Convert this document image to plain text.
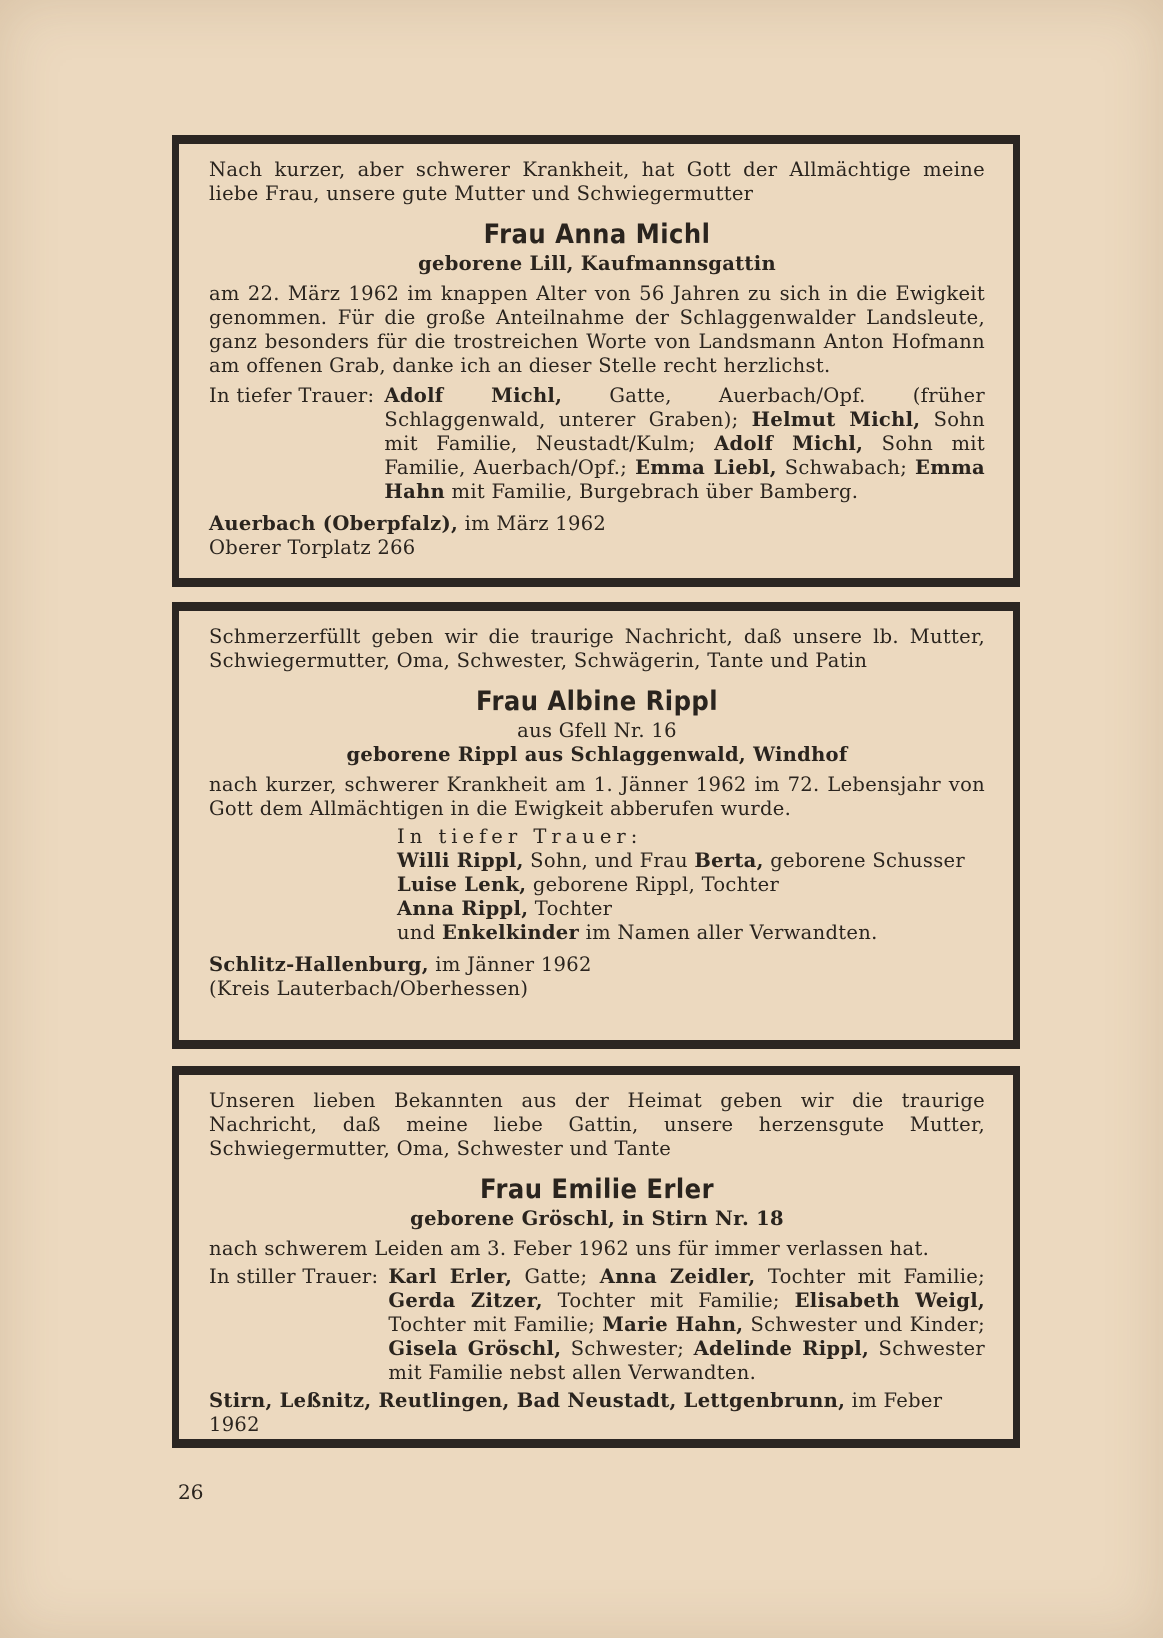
Nach kurzer, aber schwerer Krankheit, hat Gott der Allmächtige meine liebe Frau, unsere gute Mutter und Schwiegermutter

Frau Anna Michl

geborene Lill, Kaufmannsgattin

am 22. März 1962 im knappen Alter von 56 Jahren zu sich in die Ewigkeit genommen. Für die große Anteilnahme der Schlaggenwalder Landsleute, ganz besonders für die trostreichen Worte von Landsmann Anton Hofmann am offenen Grab, danke ich an dieser Stelle recht herzlichst.

In tiefer Trauer: Adolf Michl, Gatte, Auerbach/Opf. (früher Schlaggenwald, unterer Graben); Helmut Michl, Sohn mit Familie, Neustadt/Kulm; Adolf Michl, Sohn mit Familie, Auerbach/Opf.; Emma Liebl, Schwabach; Emma Hahn mit Familie, Burgebrach über Bamberg.

Auerbach (Oberpfalz), im März 1962

Oberer Torplatz 266

Schmerzerfüllt geben wir die traurige Nachricht, daß unsere lb. Mutter, Schwiegermutter, Oma, Schwester, Schwägerin, Tante und Patin

Frau Albine Rippl

aus Gfell Nr. 16

geborene Rippl aus Schlaggenwald, Windhof

nach kurzer, schwerer Krankheit am 1. Jänner 1962 im 72. Lebensjahr von Gott dem Allmächtigen in die Ewigkeit abberufen wurde.

In tiefer Trauer:

Willi Rippl, Sohn, und Frau Berta, geborene Schusser

Luise Lenk, geborene Rippl, Tochter

Anna Rippl, Tochter

und Enkelkinder im Namen aller Verwandten.

Schlitz-Hallenburg, im Jänner 1962

(Kreis Lauterbach/Oberhessen)

Unseren lieben Bekannten aus der Heimat geben wir die traurige Nachricht, daß meine liebe Gattin, unsere herzensgute Mutter, Schwiegermutter, Oma, Schwester und Tante

Frau Emilie Erler

geborene Gröschl, in Stirn Nr. 18

nach schwerem Leiden am 3. Feber 1962 uns für immer verlassen hat.

In stiller Trauer: Karl Erler, Gatte; Anna Zeidler, Tochter mit Familie; Gerda Zitzer, Tochter mit Familie; Elisabeth Weigl, Tochter mit Familie; Marie Hahn, Schwester und Kinder; Gisela Gröschl, Schwester; Adelinde Rippl, Schwester mit Familie nebst allen Verwandten.

Stirn, Leßnitz, Reutlingen, Bad Neustadt, Lettgenbrunn, im Feber 1962

26
